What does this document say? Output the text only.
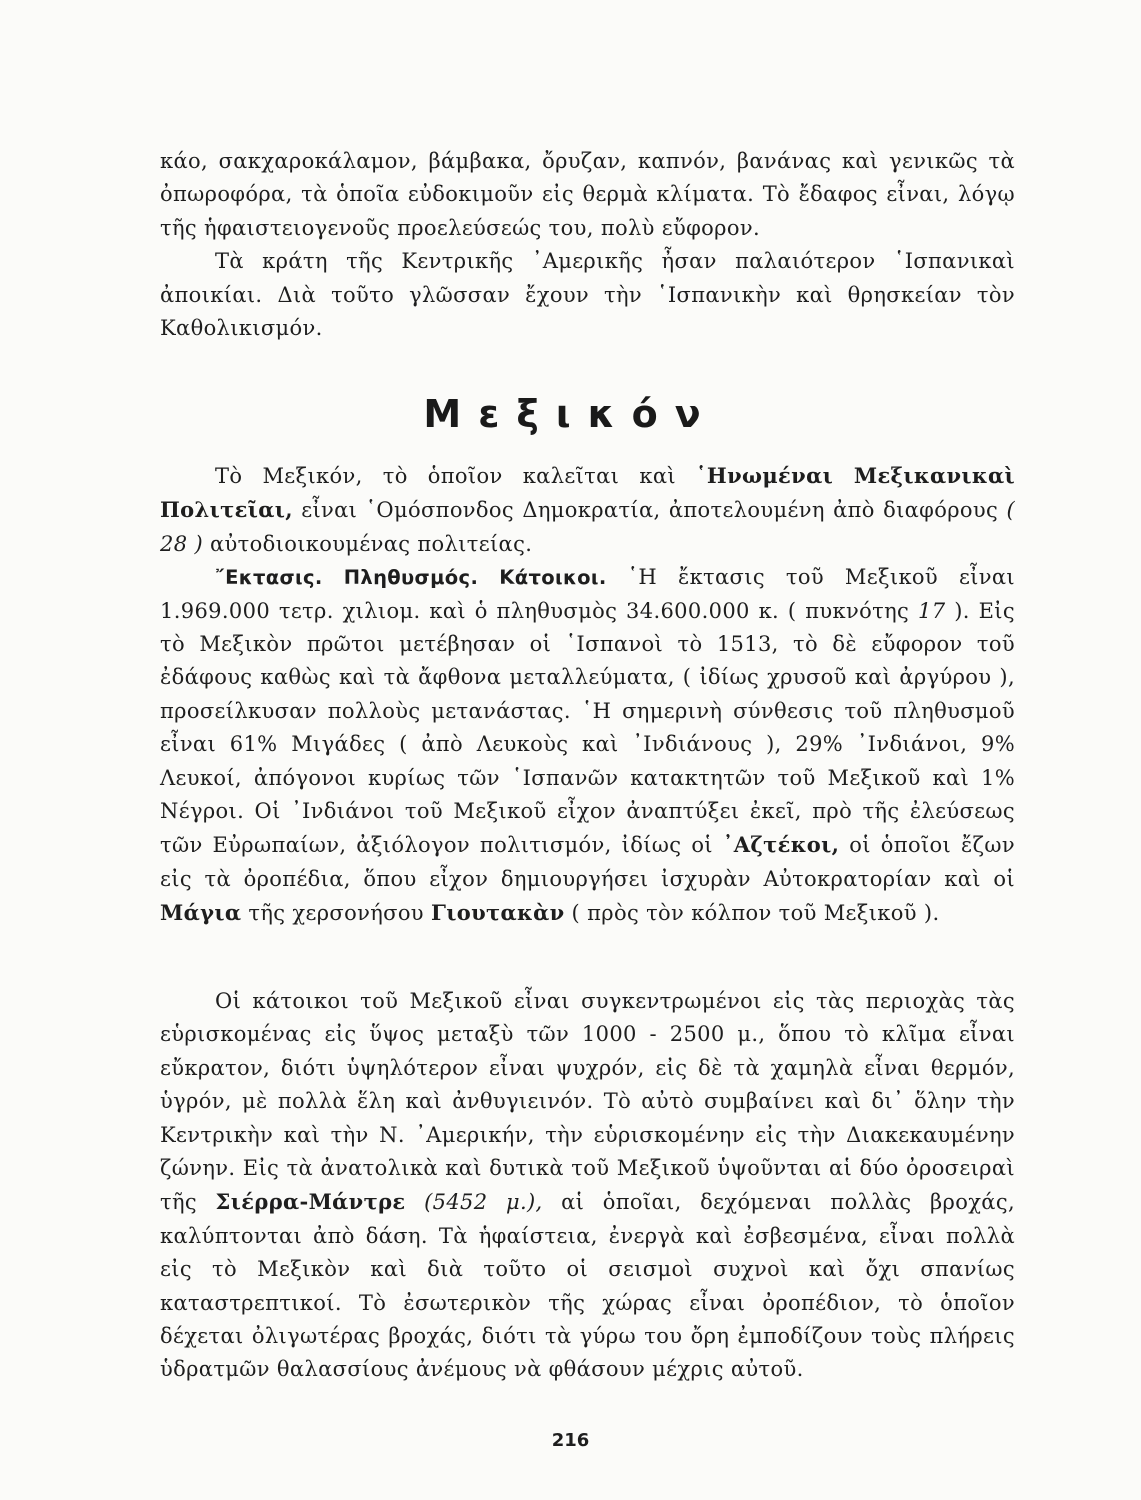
κάο, σακχαροκάλαμον, βάμβακα, ὄρυζαν, καπνόν, βανάνας καὶ γενικῶς τὰ ὀπωροφόρα, τὰ ὁποῖα εὐδοκιμοῦν εἰς θερμὰ κλίματα. Τὸ ἔδαφος εἶναι, λόγῳ τῆς ἡφαιστειογενοῦς προελεύσεώς του, πολὺ εὔφορον.

Τὰ κράτη τῆς Κεντρικῆς ᾿Αμερικῆς ἦσαν παλαιότερον ῾Ισπανικαὶ ἀποικίαι. Διὰ τοῦτο γλῶσσαν ἔχουν τὴν ῾Ισπανικὴν καὶ θρησκείαν τὸν Καθολικισμόν.

Μεξικόν

Τὸ Μεξικόν, τὸ ὁποῖον καλεῖται καὶ ῾Ηνωμέναι Μεξικανικαὶ Πολιτεῖαι, εἶναι ῾Ομόσπονδος Δημοκρατία, ἀποτελουμένη ἀπὸ διαφόρους ( 28 ) αὐτοδιοικουμένας πολιτείας.

῎Εκτασις. Πληθυσμός. Κάτοικοι. ῾Η ἔκτασις τοῦ Μεξικοῦ εἶναι 1.969.000 τετρ. χιλιομ. καὶ ὁ πληθυσμὸς 34.600.000 κ. ( πυκνότης 17 ). Εἰς τὸ Μεξικὸν πρῶτοι μετέβησαν οἱ ῾Ισπανοὶ τὸ 1513, τὸ δὲ εὔφορον τοῦ ἐδάφους καθὼς καὶ τὰ ἄφθονα μεταλλεύματα, ( ἰδίως χρυσοῦ καὶ ἀργύρου ), προσείλκυσαν πολλοὺς μετανάστας. ῾Η σημερινὴ σύνθεσις τοῦ πληθυσμοῦ εἶναι 61% Μιγάδες ( ἀπὸ Λευκοὺς καὶ ᾿Ινδιάνους ), 29% ᾿Ινδιάνοι, 9% Λευκοί, ἀπόγονοι κυρίως τῶν ῾Ισπανῶν κατακτητῶν τοῦ Μεξικοῦ καὶ 1% Νέγροι. Οἱ ᾿Ινδιάνοι τοῦ Μεξικοῦ εἶχον ἀναπτύξει ἐκεῖ, πρὸ τῆς ἐλεύσεως τῶν Εὐρωπαίων, ἀξιόλογον πολιτισμόν, ἰδίως οἱ ᾿Αζτέκοι, οἱ ὁποῖοι ἔζων εἰς τὰ ὀροπέδια, ὅπου εἶχον δημιουργήσει ἰσχυρὰν Αὐτοκρατορίαν καὶ οἱ Μάγια τῆς χερσονήσου Γιουτακὰν ( πρὸς τὸν κόλπον τοῦ Μεξικοῦ ).

Οἱ κάτοικοι τοῦ Μεξικοῦ εἶναι συγκεντρωμένοι εἰς τὰς περιοχὰς τὰς εὑρισκομένας εἰς ὕψος μεταξὺ τῶν 1000 - 2500 μ., ὅπου τὸ κλῖμα εἶναι εὔκρατον, διότι ὑψηλότερον εἶναι ψυχρόν, εἰς δὲ τὰ χαμηλὰ εἶναι θερμόν, ὑγρόν, μὲ πολλὰ ἕλη καὶ ἀνθυγιεινόν. Τὸ αὐτὸ συμβαίνει καὶ δι᾿ ὅλην τὴν Κεντρικὴν καὶ τὴν Ν. ᾿Αμερικήν, τὴν εὑρισκομένην εἰς τὴν Διακεκαυμένην ζώνην. Εἰς τὰ ἀνατολικὰ καὶ δυτικὰ τοῦ Μεξικοῦ ὑψοῦνται αἱ δύο ὀροσειραὶ τῆς Σιέρρα-Μάντρε (5452 μ.), αἱ ὁποῖαι, δεχόμεναι πολλὰς βροχάς, καλύπτονται ἀπὸ δάση. Τὰ ἡφαίστεια, ἐνεργὰ καὶ ἐσβεσμένα, εἶναι πολλὰ εἰς τὸ Μεξικὸν καὶ διὰ τοῦτο οἱ σεισμοὶ συχνοὶ καὶ ὄχι σπανίως καταστρεπτικοί. Τὸ ἐσωτερικὸν τῆς χώρας εἶναι ὀροπέδιον, τὸ ὁποῖον δέχεται ὀλιγωτέρας βροχάς, διότι τὰ γύρω του ὄρη ἐμποδίζουν τοὺς πλήρεις ὑδρατμῶν θαλασσίους ἀνέμους νὰ φθάσουν μέχρις αὐτοῦ.

216
